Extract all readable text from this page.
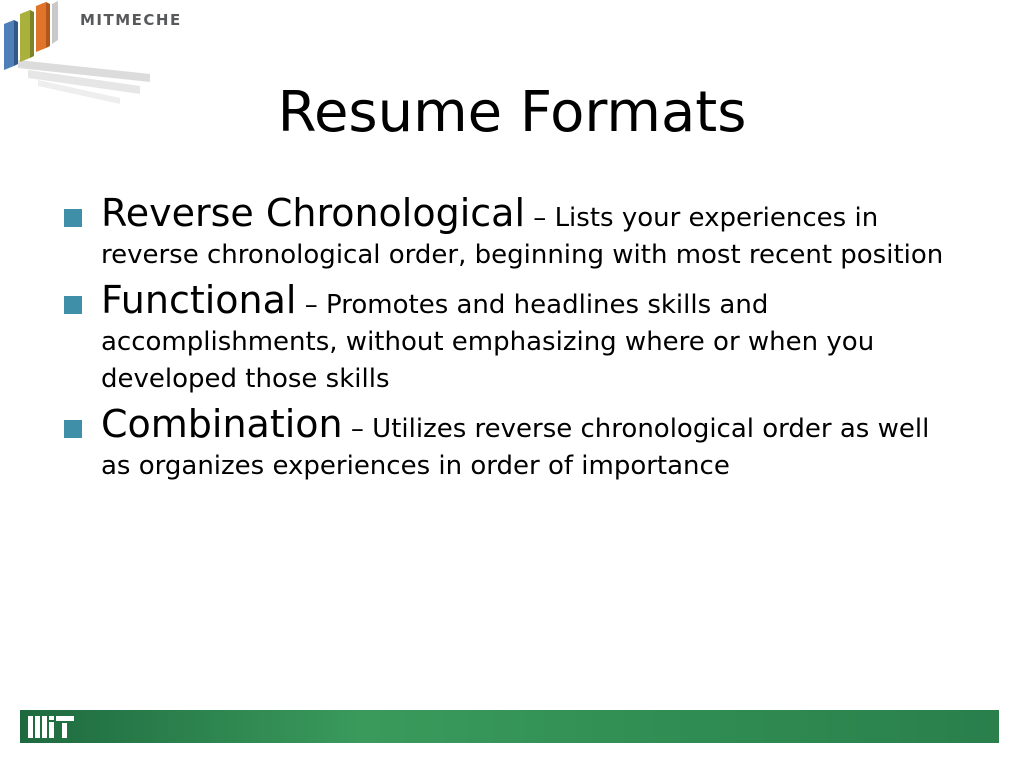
MITMECHE
Resume Formats
Reverse Chronological – Lists your experiences in reverse chronological order, beginning with most recent position
Functional – Promotes and headlines skills and accomplishments, without emphasizing where or when you developed those skills
Combination – Utilizes reverse chronological order as well as organizes experiences in order of importance
